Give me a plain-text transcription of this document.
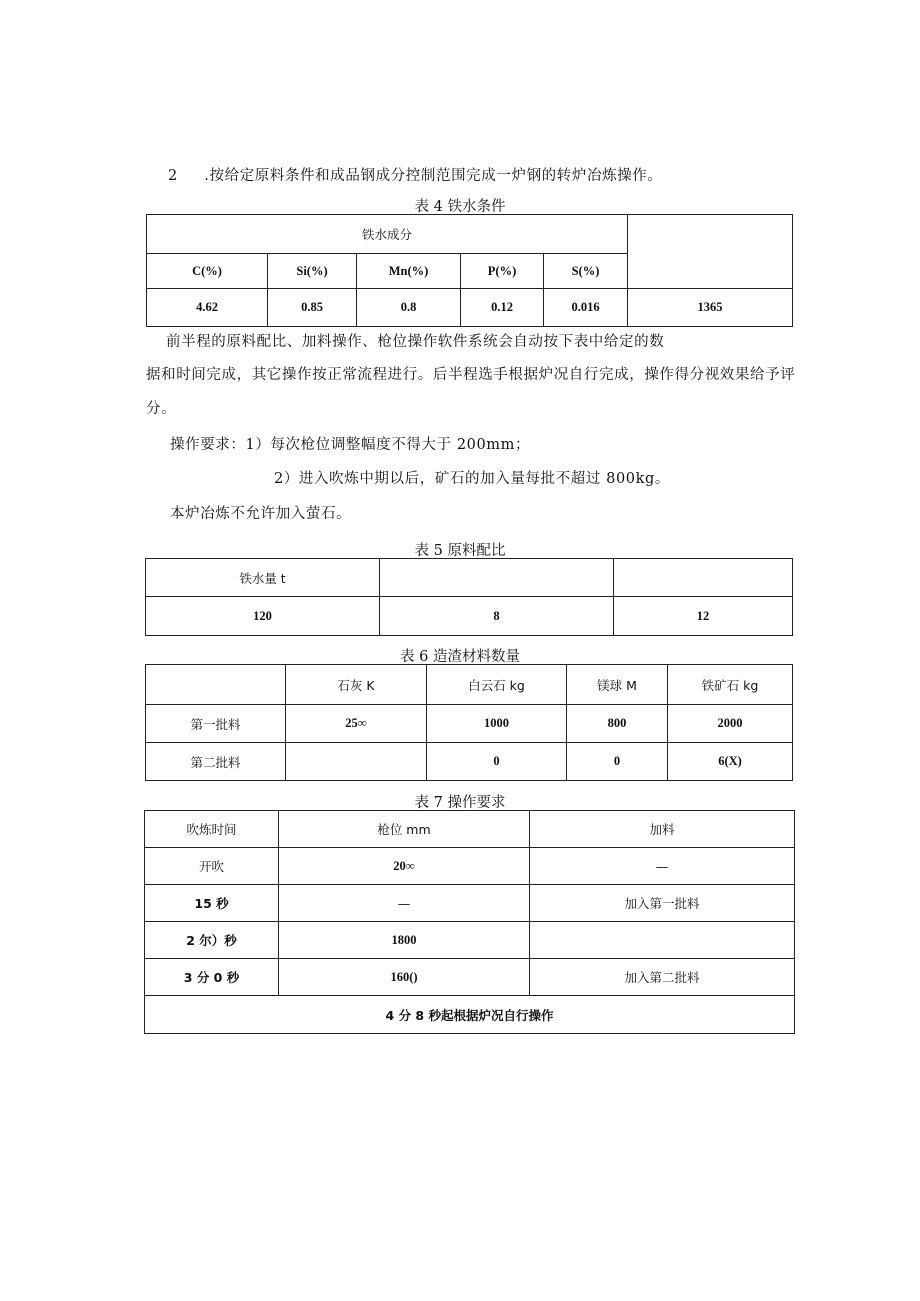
2 .按给定原料条件和成品钢成分控制范围完成一炉钢的转炉冶炼操作。
表 4 铁水条件
铁水成分					
C(%)	Si(%)	Mn(%)	P(%)	S(%)	
4.62	0.85	0.8	0.12	0.016	1365
前半程的原料配比、加料操作、枪位操作软件系统会自动按下表中给定的数
据和时间完成，其它操作按正常流程进行。后半程选手根据炉况自行完成，操作得分视效果给予评
分。
操作要求：1）每次枪位调整幅度不得大于 200mm；
2）进入吹炼中期以后，矿石的加入量每批不超过 800kg。
本炉冶炼不允许加入萤石。
表 5 原料配比
铁水量 t		
120	8	12
表 6 造渣材料数量
	石灰 K	白云石 kg	镁球 M	铁矿石 kg
第一批料	25∞	1000	800	2000
第二批料		0	0	6(X)
表 7 操作要求
吹炼时间	枪位 mm	加料
开吹	20∞	—
15 秒	—	加入第一批料
2 尔）秒	1800	
3 分 0 秒	160()	加入第二批料
4 分 8 秒起根据炉况自行操作		
